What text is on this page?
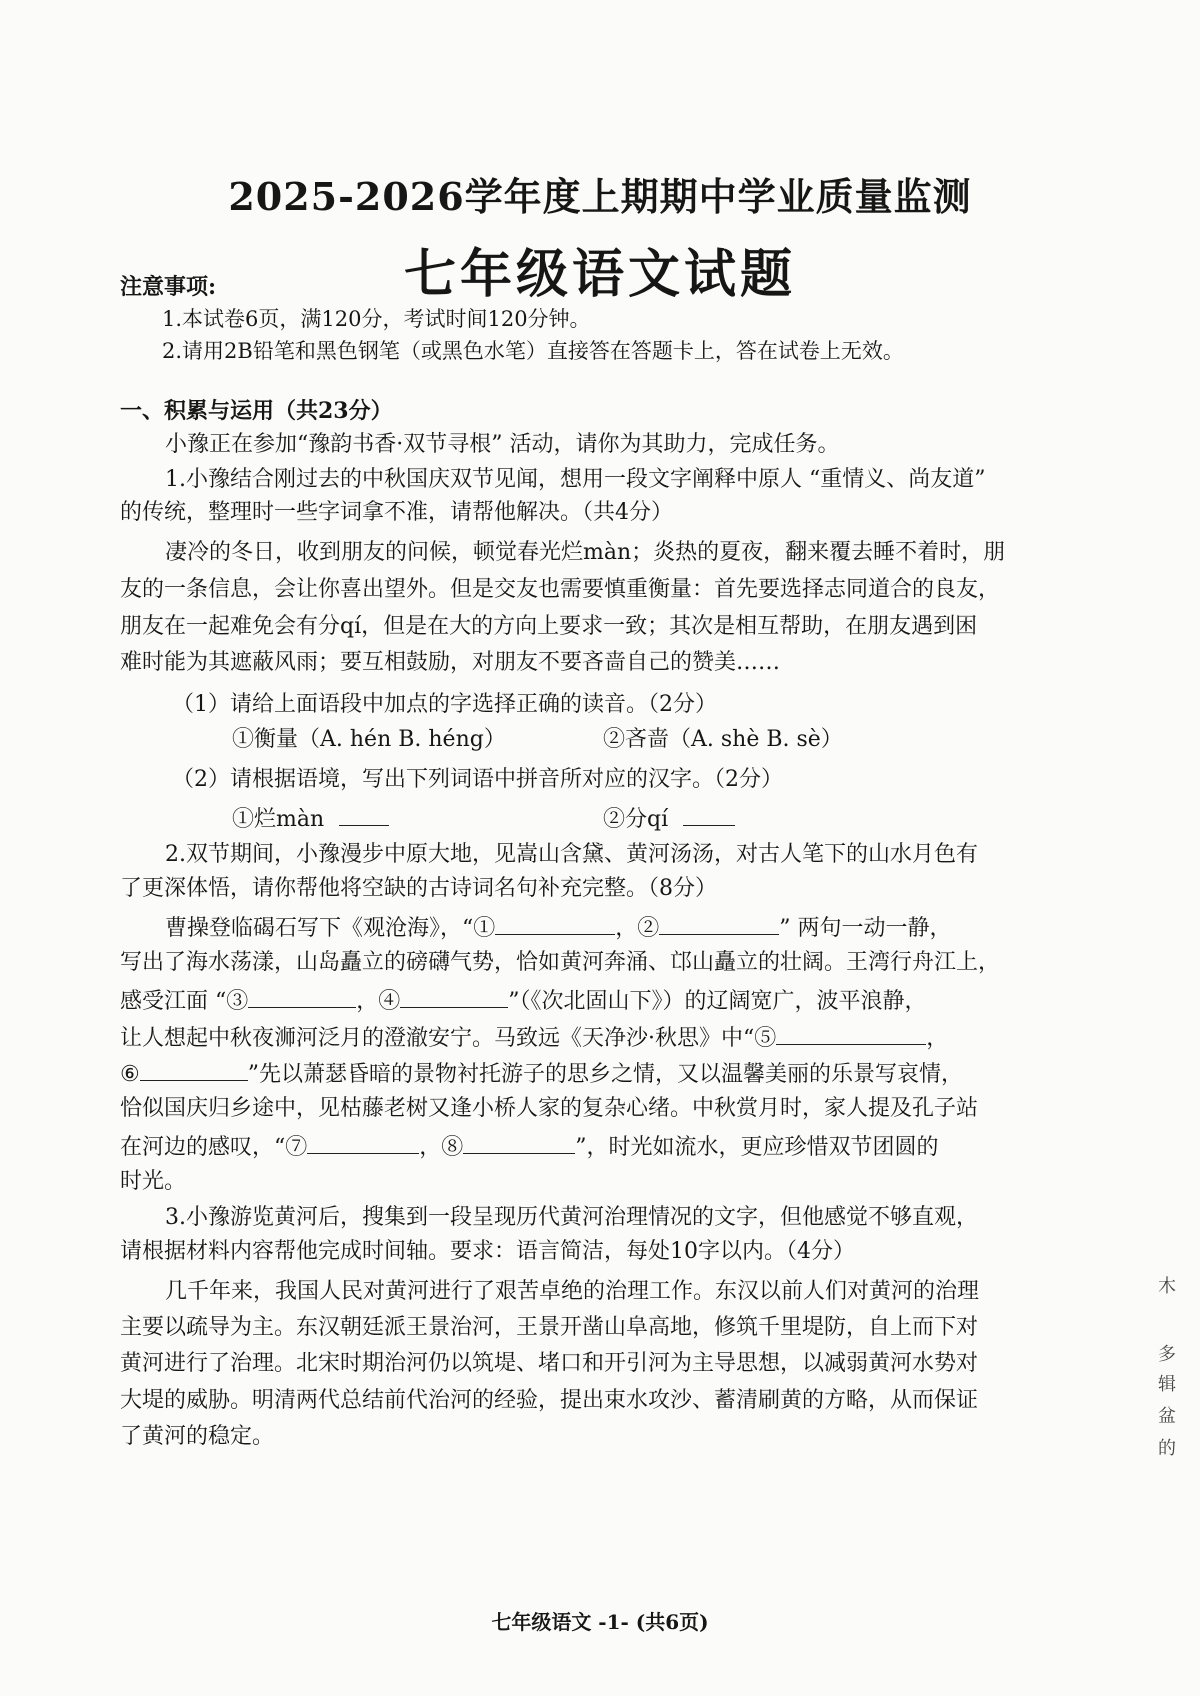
2025-2026学年度上期期中学业质量监测
七年级语文试题
注意事项:
1.本试卷6页，满120分，考试时间120分钟。
2.请用2B铅笔和黑色钢笔（或黑色水笔）直接答在答题卡上，答在试卷上无效。
一、积累与运用（共23分）
小豫正在参加“豫韵书香·双节寻根” 活动，请你为其助力，完成任务。
1.小豫结合刚过去的中秋国庆双节见闻，想用一段文字阐释中原人 “重情义、尚友道”
的传统，整理时一些字词拿不准，请帮他解决。（共4分）
凄冷的冬日，收到朋友的问候，顿觉春光烂màn；炎热的夏夜，翻来覆去睡不着时，朋
友的一条信息，会让你喜出望外。但是交友也需要慎重衡量：首先要选择志同道合的良友，
朋友在一起难免会有分qí，但是在大的方向上要求一致；其次是相互帮助，在朋友遇到困
难时能为其遮蔽风雨；要互相鼓励，对朋友不要吝啬自己的赞美……
（1）请给上面语段中加点的字选择正确的读音。（2分）
①衡量（A. hén B. héng）	②吝啬（A. shè B. sè）
（2）请根据语境，写出下列词语中拼音所对应的汉字。（2分）
①烂màn	②分qí
2.双节期间，小豫漫步中原大地，见嵩山含黛、黄河汤汤，对古人笔下的山水月色有
了更深体悟，请你帮他将空缺的古诗词名句补充完整。（8分）
曹操登临碣石写下《观沧海》，“①	，②	” 两句一动一静，
写出了海水荡漾，山岛矗立的磅礴气势，恰如黄河奔涌、邙山矗立的壮阔。王湾行舟江上，
感受江面 “③	，④	”（《次北固山下》）的辽阔宽广，波平浪静，
让人想起中秋夜浉河泛月的澄澈安宁。马致远《天净沙·秋思》中“⑤	，
⑥	”先以萧瑟昏暗的景物衬托游子的思乡之情，又以温馨美丽的乐景写哀情，
恰似国庆归乡途中，见枯藤老树又逢小桥人家的复杂心绪。中秋赏月时，家人提及孔子站
在河边的感叹，“⑦	，⑧	”，时光如流水，更应珍惜双节团圆的
时光。
3.小豫游览黄河后，搜集到一段呈现历代黄河治理情况的文字，但他感觉不够直观，
请根据材料内容帮他完成时间轴。要求：语言简洁，每处10字以内。（4分）
几千年来，我国人民对黄河进行了艰苦卓绝的治理工作。东汉以前人们对黄河的治理
主要以疏导为主。东汉朝廷派王景治河，王景开凿山阜高地，修筑千里堤防，自上而下对
黄河进行了治理。北宋时期治河仍以筑堤、堵口和开引河为主导思想，以减弱黄河水势对
大堤的威胁。明清两代总结前代治河的经验，提出束水攻沙、蓄清刷黄的方略，从而保证
了黄河的稳定。
七年级语文 -1- (共6页)
木
多
辑
盆
的
